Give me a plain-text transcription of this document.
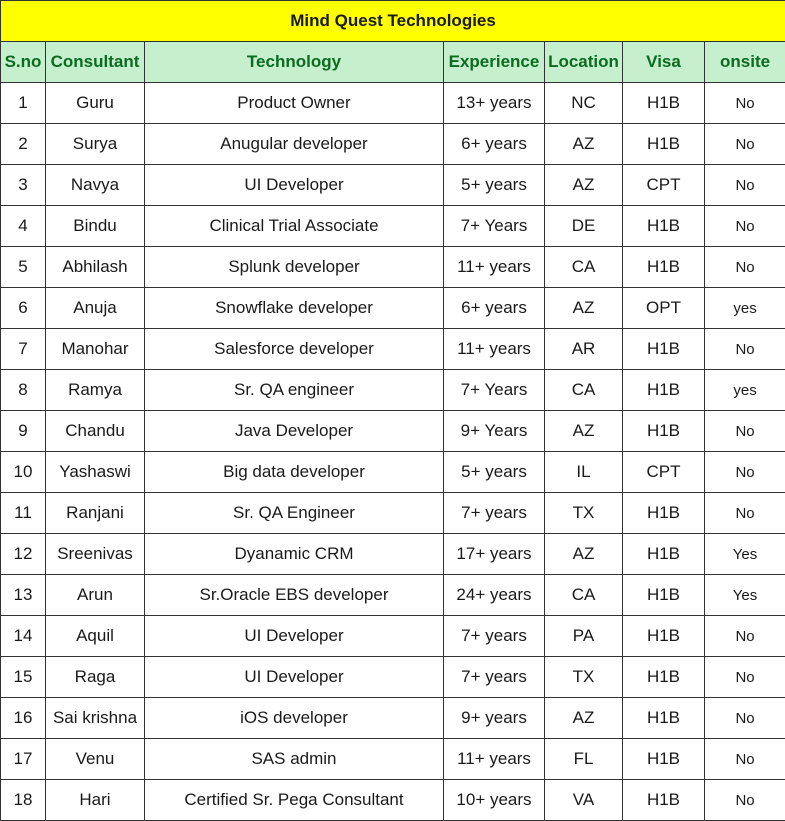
Mind Quest Technologies						
S.no	Consultant	Technology	Experience	Location	Visa	onsite
1	Guru	Product Owner	13+ years	NC	H1B	No
2	Surya	Anugular developer	6+ years	AZ	H1B	No
3	Navya	UI Developer	5+ years	AZ	CPT	No
4	Bindu	Clinical Trial Associate	7+ Years	DE	H1B	No
5	Abhilash	Splunk developer	11+ years	CA	H1B	No
6	Anuja	Snowflake developer	6+ years	AZ	OPT	yes
7	Manohar	Salesforce developer	11+ years	AR	H1B	No
8	Ramya	Sr. QA engineer	7+ Years	CA	H1B	yes
9	Chandu	Java Developer	9+ Years	AZ	H1B	No
10	Yashaswi	Big data developer	5+ years	IL	CPT	No
11	Ranjani	Sr. QA Engineer	7+ years	TX	H1B	No
12	Sreenivas	Dyanamic CRM	17+ years	AZ	H1B	Yes
13	Arun	Sr.Oracle EBS developer	24+ years	CA	H1B	Yes
14	Aquil	UI Developer	7+ years	PA	H1B	No
15	Raga	UI Developer	7+ years	TX	H1B	No
16	Sai krishna	iOS developer	9+ years	AZ	H1B	No
17	Venu	SAS admin	11+ years	FL	H1B	No
18	Hari	Certified Sr. Pega Consultant	10+ years	VA	H1B	No
